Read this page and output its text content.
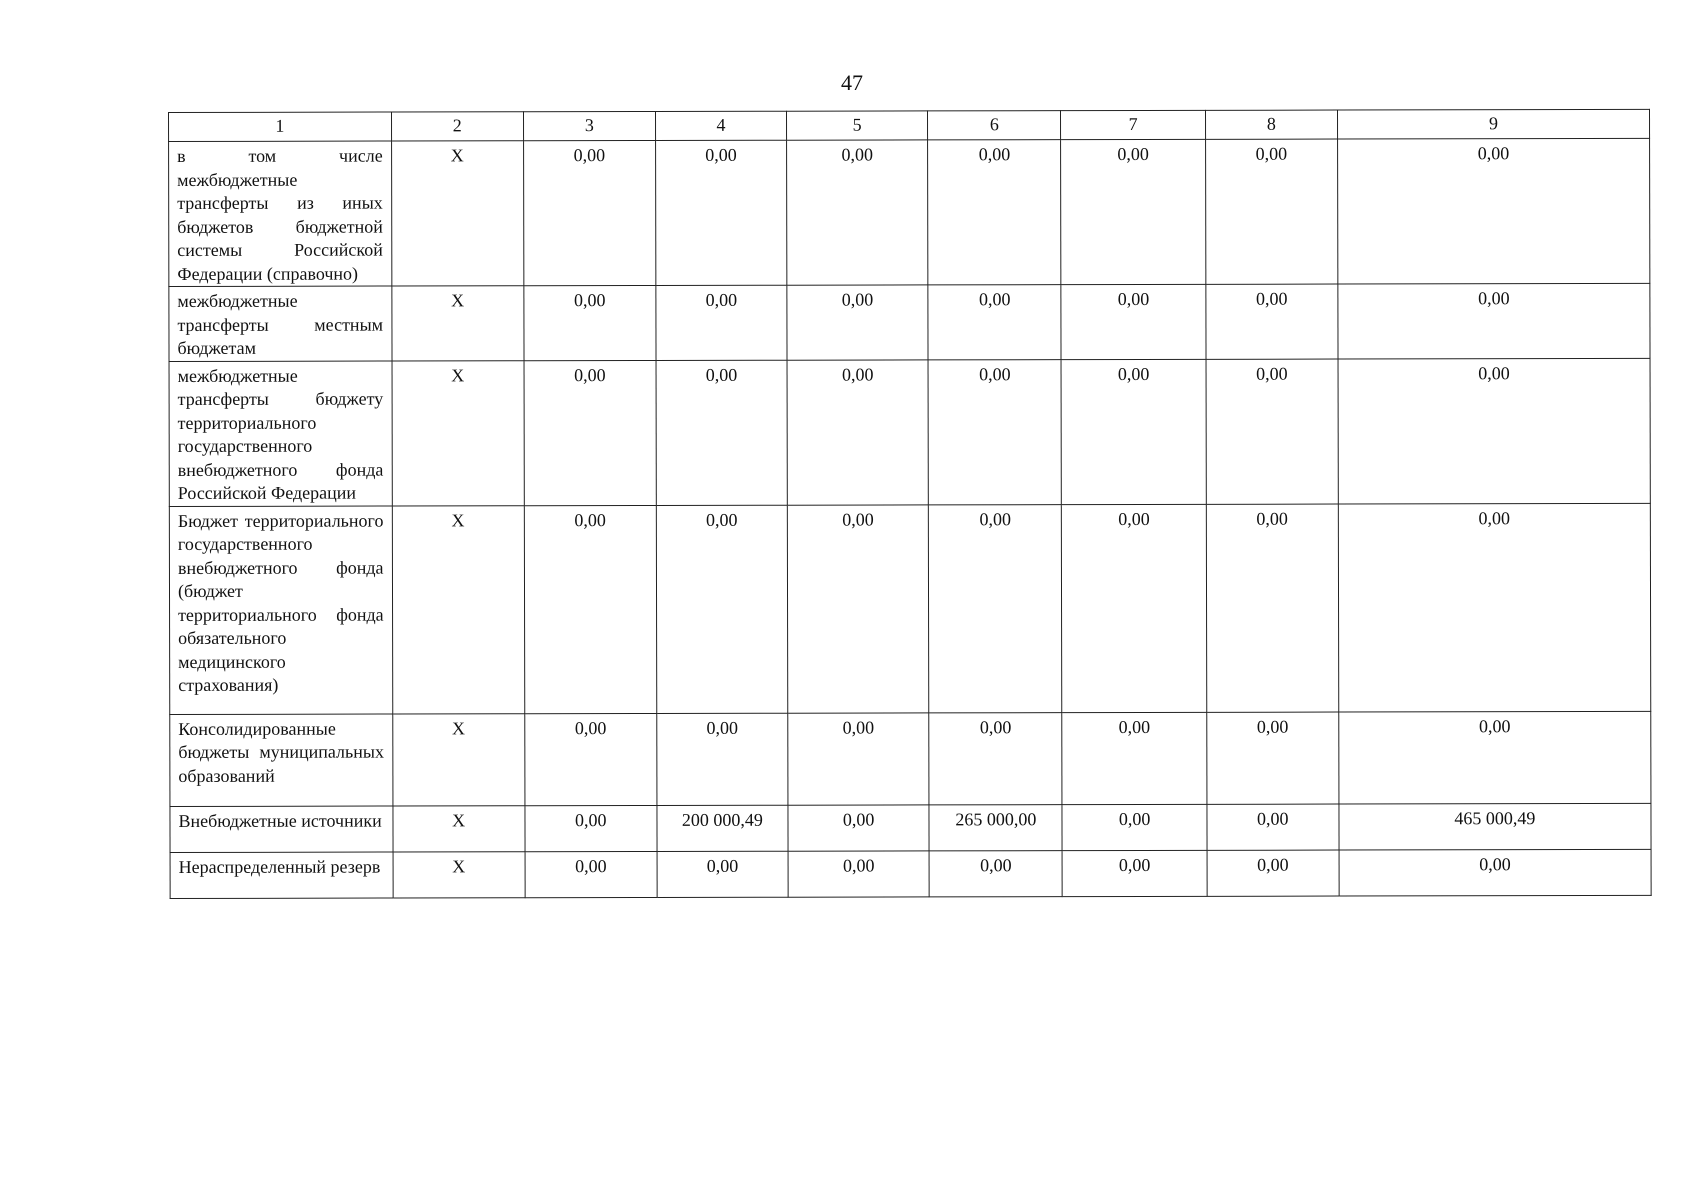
47
1	2	3	4	5	6	7	8	9
в том числе межбюджетные трансферты из иных бюджетов бюджетной системы Российской Федерации (справочно)	X	0,00	0,00	0,00	0,00	0,00	0,00	0,00
межбюджетные трансферты местным бюджетам	X	0,00	0,00	0,00	0,00	0,00	0,00	0,00
межбюджетные трансферты бюджету территориального государственного внебюджетного фонда Российской Федерации	X	0,00	0,00	0,00	0,00	0,00	0,00	0,00
Бюджет территориального государственного внебюджетного фонда (бюджет территориального фонда обязательного медицинского страхования)	X	0,00	0,00	0,00	0,00	0,00	0,00	0,00
Консолидированные бюджеты муниципальных образований	X	0,00	0,00	0,00	0,00	0,00	0,00	0,00
Внебюджетные источники	X	0,00	200 000,49	0,00	265 000,00	0,00	0,00	465 000,49
Нераспределенный резерв	X	0,00	0,00	0,00	0,00	0,00	0,00	0,00
